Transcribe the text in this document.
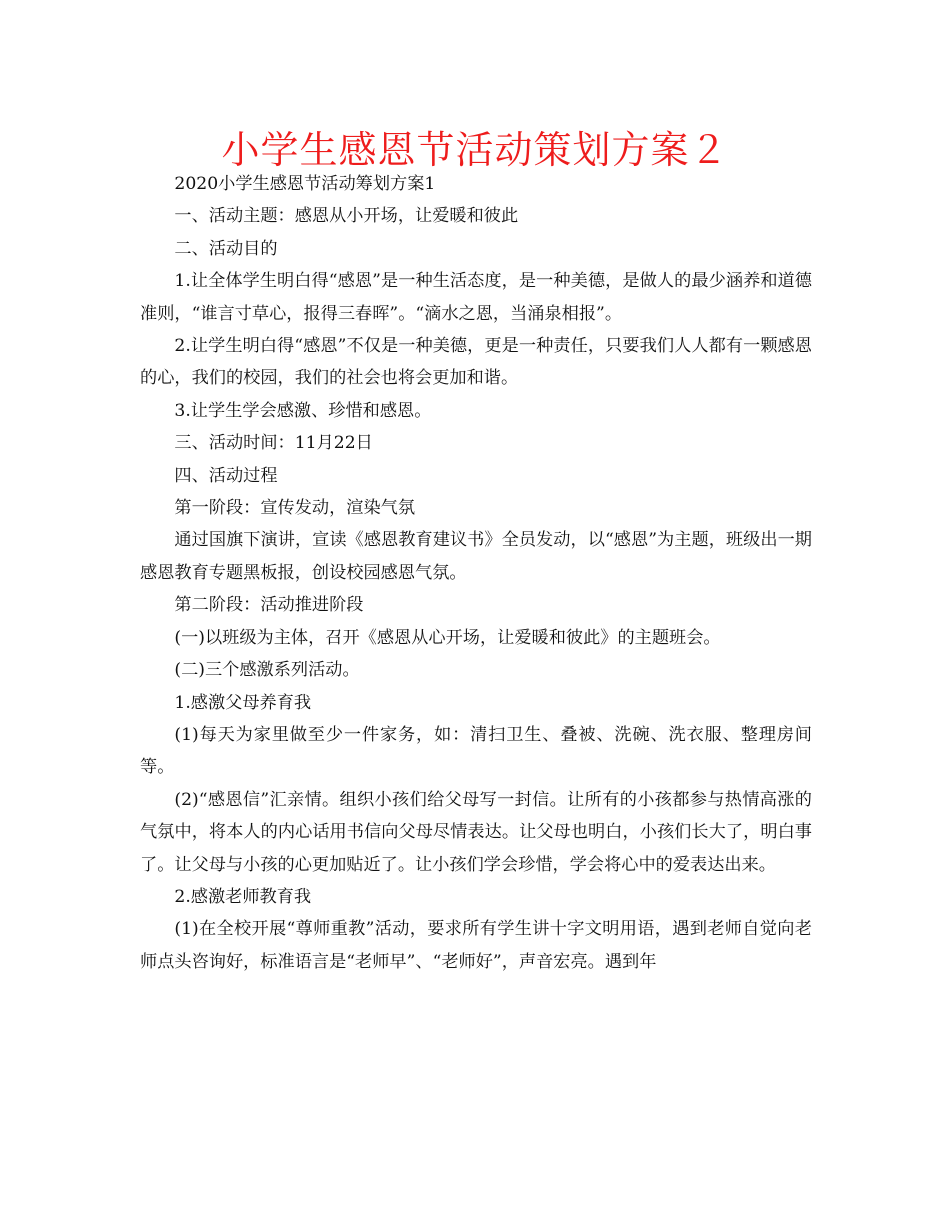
小学生感恩节活动策划方案２

2020小学生感恩节活动筹划方案1

一、活动主题：感恩从小开场，让爱暖和彼此

二、活动目的

1.让全体学生明白得“感恩”是一种生活态度，是一种美德，是做人的最少涵养和道德准则，“谁言寸草心，报得三春晖”。“滴水之恩，当涌泉相报”。

2.让学生明白得“感恩”不仅是一种美德，更是一种责任，只要我们人人都有一颗感恩的心，我们的校园，我们的社会也将会更加和谐。

3.让学生学会感激、珍惜和感恩。

三、活动时间：11月22日

四、活动过程

第一阶段：宣传发动，渲染气氛

通过国旗下演讲，宣读《感恩教育建议书》全员发动，以“感恩”为主题，班级出一期感恩教育专题黑板报，创设校园感恩气氛。

第二阶段：活动推进阶段

(一)以班级为主体，召开《感恩从心开场，让爱暖和彼此》的主题班会。

(二)三个感激系列活动。

1.感激父母养育我

(1)每天为家里做至少一件家务，如：清扫卫生、叠被、洗碗、洗衣服、整理房间等。

(2)“感恩信”汇亲情。组织小孩们给父母写一封信。让所有的小孩都参与热情高涨的气氛中，将本人的内心话用书信向父母尽情表达。让父母也明白，小孩们长大了，明白事了。让父母与小孩的心更加贴近了。让小孩们学会珍惜，学会将心中的爱表达出来。

2.感激老师教育我

(1)在全校开展“尊师重教”活动，要求所有学生讲十字文明用语，遇到老师自觉向老师点头咨询好，标准语言是“老师早”、“老师好”，声音宏亮。遇到年
